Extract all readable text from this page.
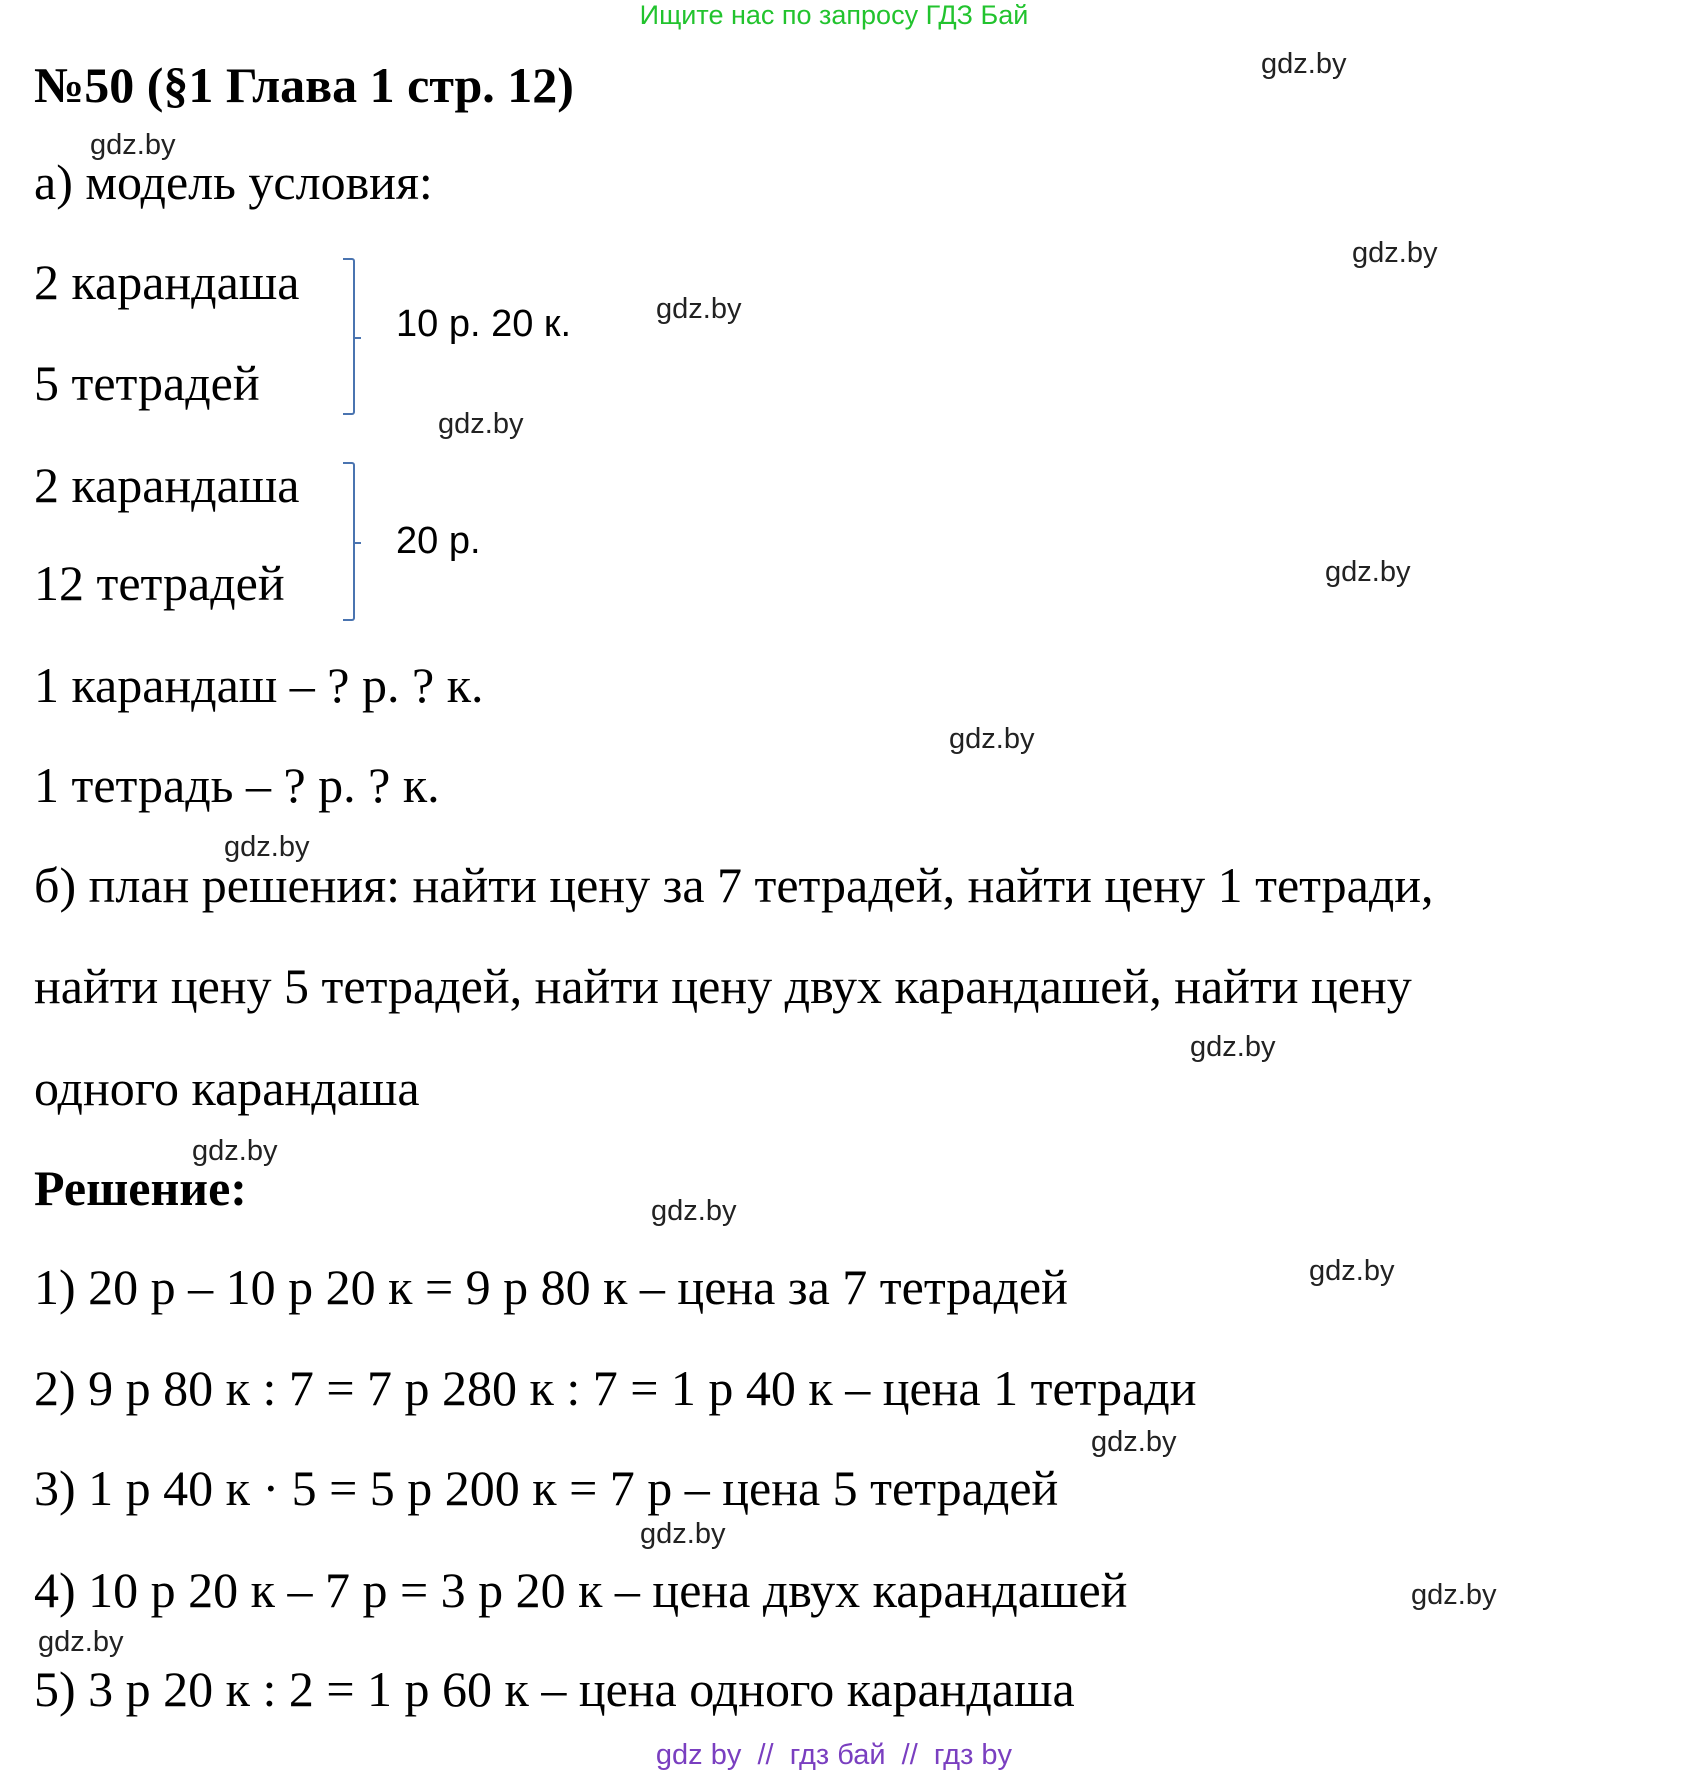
Ищите нас по запросу ГДЗ Бай
№50 (§1 Глава 1 стр. 12)
а) модель условия:
2 карандаша
5 тетрадей
10 р. 20 к.
2 карандаша
12 тетрадей
20 р.
1 карандаш – ? р. ? к.
1 тетрадь – ? р. ? к.
б) план решения: найти цену за 7 тетрадей, найти цену 1 тетради,
найти цену 5 тетрадей, найти цену двух карандашей, найти цену
одного карандаша
Решение:
1) 20 р – 10 р 20 к = 9 р 80 к – цена за 7 тетрадей
2) 9 р 80 к : 7 = 7 р 280 к : 7 = 1 р 40 к – цена 1 тетради
3) 1 р 40 к · 5 = 5 р 200 к = 7 р – цена 5 тетрадей
4) 10 р 20 к – 7 р = 3 р 20 к – цена двух карандашей
5) 3 р 20 к : 2 = 1 р 60 к – цена одного карандаша
gdz.by
gdz.by
gdz.by
gdz.by
gdz.by
gdz.by
gdz.by
gdz.by
gdz.by
gdz.by
gdz.by
gdz.by
gdz.by
gdz.by
gdz.by
gdz.by
gdz by  //  гдз бай  //  гдз by
